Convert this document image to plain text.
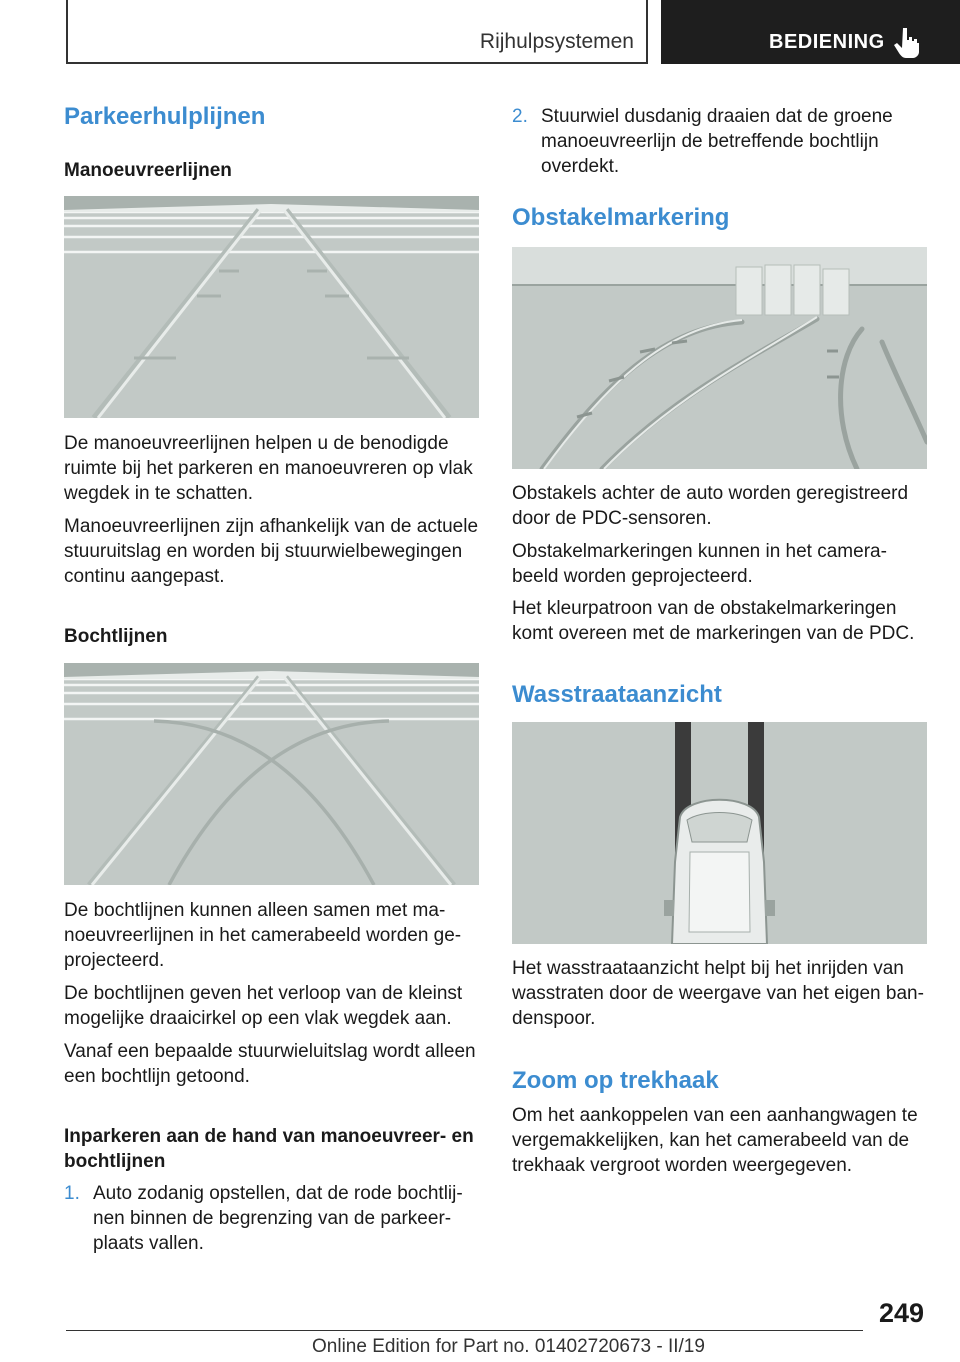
Rijhulpsystemen	BEDIENING
Parkeerhulplijnen
Manoeuvreerlijnen

De manoeuvreerlijnen helpen u de benodigde ruimte bij het parkeren en manoeuvreren op vlak wegdek in te schatten.

Manoeuvreerlijnen zijn afhankelijk van de actuele stuuruitslag en worden bij stuurwielbewegingen continu aangepast.

Bochtlijnen

De bochtlijnen kunnen alleen samen met ma‐ noeuvreerlijnen in het camerabeeld worden ge‐ projecteerd.

De bochtlijnen geven het verloop van de kleinst mogelijke draaicirkel op een vlak wegdek aan.

Vanaf een bepaalde stuurwieluitslag wordt alleen een bochtlijn getoond.

Inparkeren aan de hand van manoeuvreer‐ en bochtlijnen
1. Auto zodanig opstellen, dat de rode bochtlij‐ nen binnen de begrenzing van de parkeer‐ plaats vallen.
2. Stuurwiel dusdanig draaien dat de groene manoeuvreerlijn de betreffende bochtlijn overdekt.
Obstakelmarkering

Obstakels achter de auto worden geregistreerd door de PDC-sensoren.

Obstakelmarkeringen kunnen in het camera‐ beeld worden geprojecteerd.

Het kleurpatroon van de obstakelmarkeringen komt overeen met de markeringen van de PDC.

Wasstraataanzicht

Het wasstraataanzicht helpt bij het inrijden van wasstraten door de weergave van het eigen ban‐ denspoor.

Zoom op trekhaak

Om het aankoppelen van een aanhangwagen te vergemakkelijken, kan het camerabeeld van de trekhaak vergroot worden weergegeven.

249
Online Edition for Part no. 01402720673 - II/19
